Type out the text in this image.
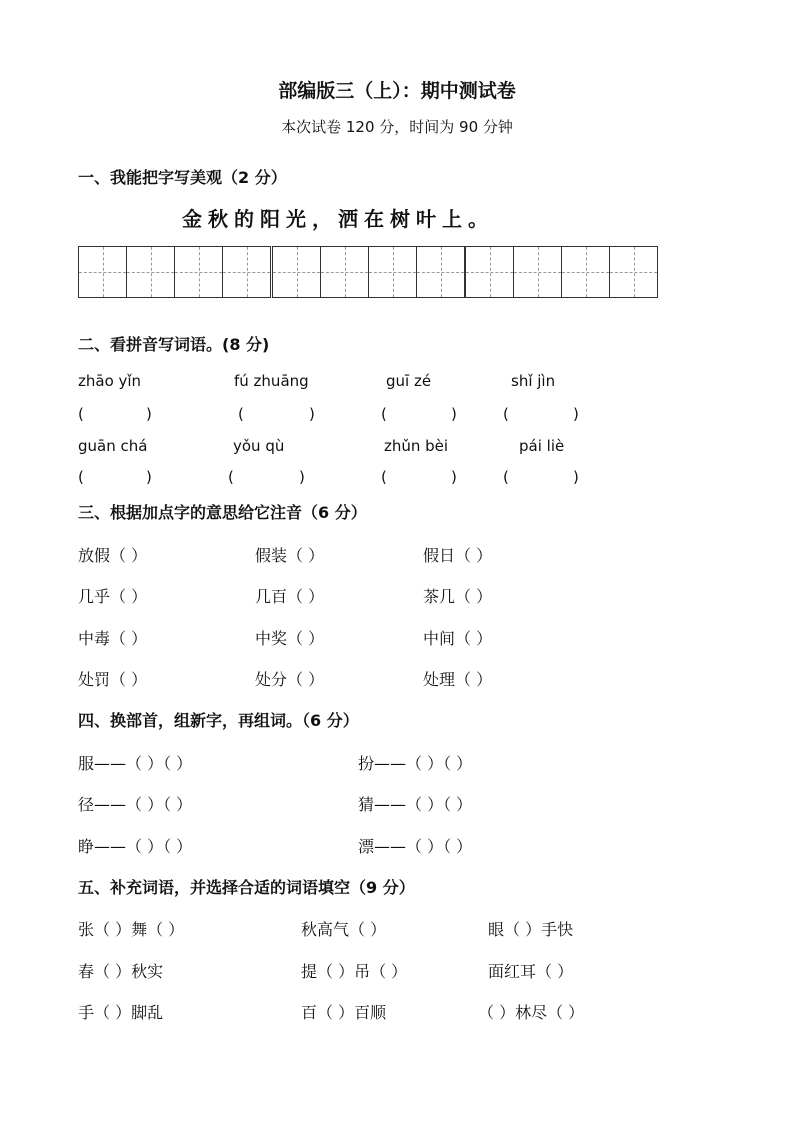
部编版三（上）：期中测试卷
本次试卷 120 分，时间为 90 分钟
一、我能把字写美观（2 分）
金秋的阳光，洒在树叶上。
二、看拼音写词语。(8 分)
zhāo yǐn	fú zhuāng	guī zé	shǐ jìn
(	)	(	)	(	)	(	)
guān chá	yǒu qù	zhǔn bèi	pái liè
(	)	(	)	(	)	(	)
三、根据加点字的意思给它注音（6 分）
放假（ ）	假装（ ）	假日（ ）
几乎（ ）	几百（ ）	茶几（ ）
中毒（ ）	中奖（ ）	中间（ ）
处罚（ ）	处分（ ）	处理（ ）
四、换部首，组新字，再组词。（6 分）
服——（ ）（ ）	扮——（ ）（ ）
径——（ ）（ ）	猜——（ ）（ ）
睁——（ ）（ ）	漂——（ ）（ ）
五、补充词语，并选择合适的词语填空（9 分）
张（ ）舞（ ）	秋高气（ ）	眼（ ）手快
春（ ）秋实	提（ ）吊（ ）	面红耳（ ）
手（ ）脚乱	百（ ）百顺	（ ）林尽（ ）
